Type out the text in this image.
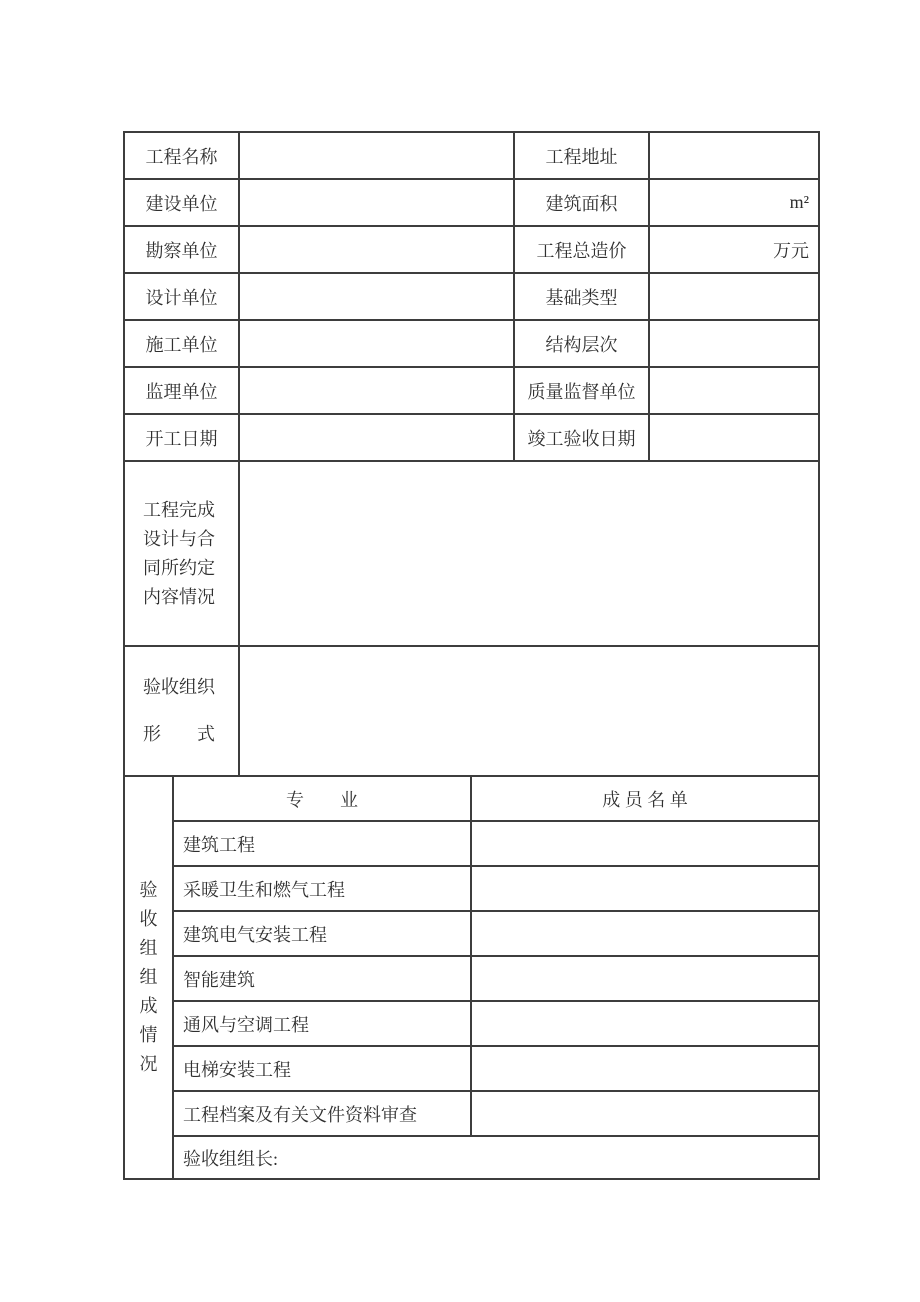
工程名称		工程地址	
建设单位		建筑面积	m²
勘察单位		工程总造价	万元
设计单位		基础类型	
施工单位		结构层次	
监理单位		质量监督单位	
开工日期		竣工验收日期	

工程完成
设计与合
同所约定
内容情况			

验收组织
形　　式			

验
收
组
组
成
情
况
	专　　业	成 员 名 单
	建筑工程	
	采暖卫生和燃气工程	
	建筑电气安装工程	
	智能建筑	
	通风与空调工程	
	电梯安装工程	
	工程档案及有关文件资料审查	
	验收组组长:	
